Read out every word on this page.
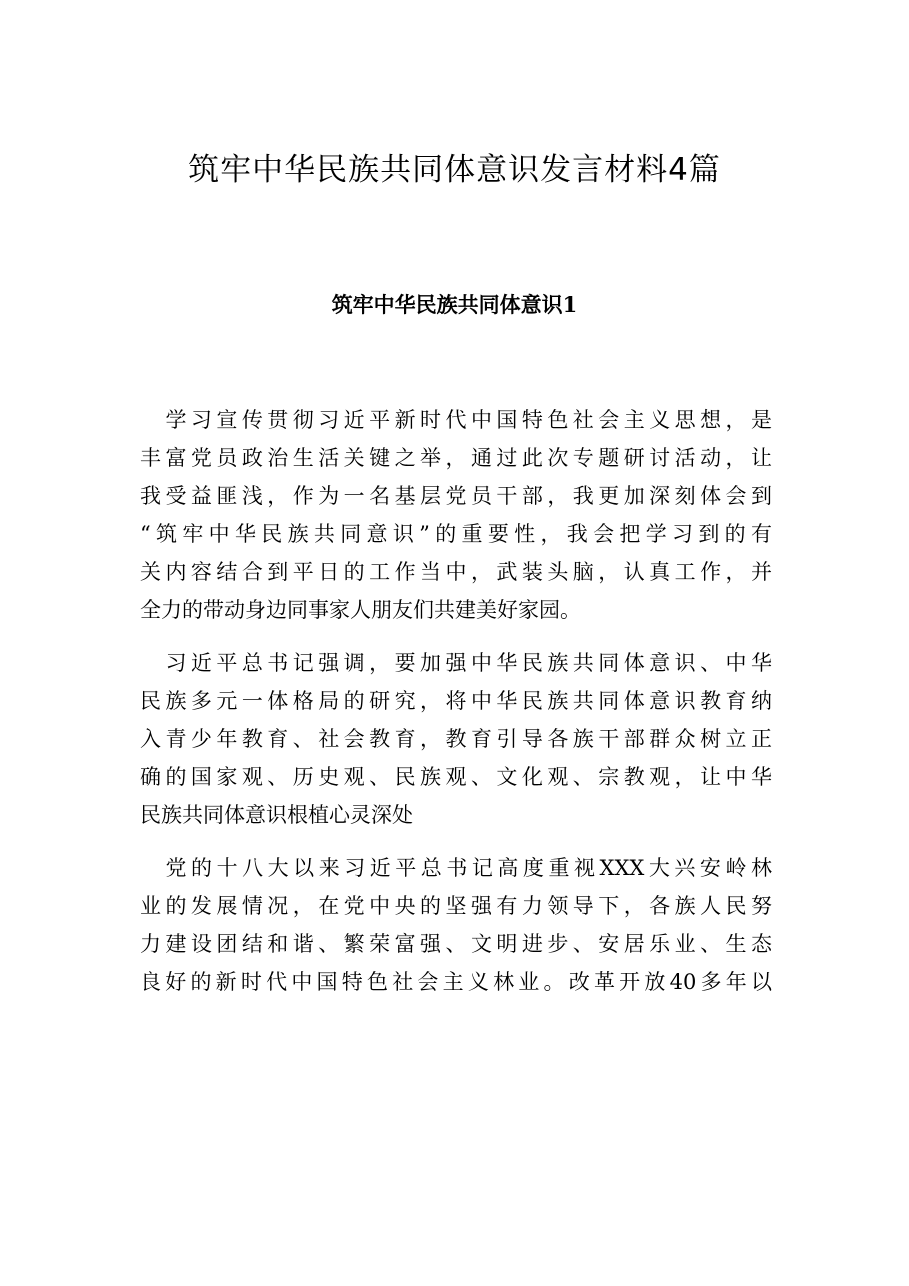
筑牢中华民族共同体意识发言材料4篇
筑牢中华民族共同体意识1
　学习宣传贯彻习近平新时代中国特色社会主义思想，是
丰富党员政治生活关键之举，通过此次专题研讨活动，让
我受益匪浅，作为一名基层党员干部，我更加深刻体会到
“筑牢中华民族共同意识”的重要性，我会把学习到的有
关内容结合到平日的工作当中，武装头脑，认真工作，并
全力的带动身边同事家人朋友们共建美好家园。
　习近平总书记强调，要加强中华民族共同体意识、中华
民族多元一体格局的研究，将中华民族共同体意识教育纳
入青少年教育、社会教育，教育引导各族干部群众树立正
确的国家观、历史观、民族观、文化观、宗教观，让中华
民族共同体意识根植心灵深处
　党的十八大以来习近平总书记高度重视XXX大兴安岭林
业的发展情况，在党中央的坚强有力领导下，各族人民努
力建设团结和谐、繁荣富强、文明进步、安居乐业、生态
良好的新时代中国特色社会主义林业。改革开放40多年以
